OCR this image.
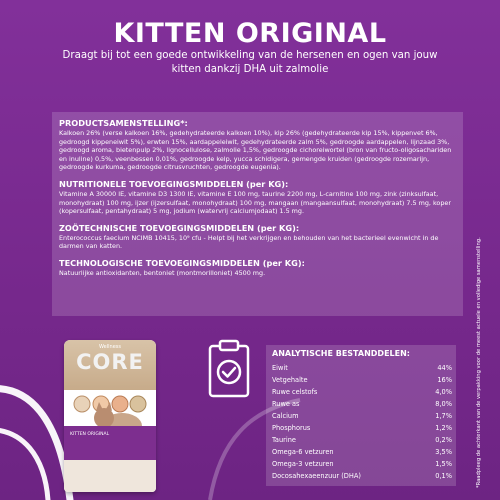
KITTEN ORIGINAL
Draagt bij tot een goede ontwikkeling van de hersenen en ogen van jouw kitten dankzij DHA uit zalmolie
PRODUCTSAMENSTELLING*:
Kalkoen 26% (verse kalkoen 16%, gedehydrateerde kalkoen 10%), kip 26% (gedehydrateerde kip 15%, kippenvet 6%, gedroogd kippeneiwit 5%), erwten 15%, aardappeleiwit, gedehydrateerde zalm 5%, gedroogde aardappelen, lijnzaad 3%, gedroogd aroma, bietenpulp 2%, lignocellulose, zalmolie 1,5%, gedroogde cichoreiwortel (bron van fructo-oligosachariden en inuline) 0,5%, veenbessen 0,01%, gedroogde kelp, yucca schidigera, gemengde kruiden (gedroogde rozemarijn, gedroogde kurkuma, gedroogde citrusvruchten, gedroogde eugenia).
NUTRITIONELE TOEVOEGINGSMIDDELEN (per KG):
Vitamine A 30000 IE, vitamine D3 1300 IE, vitamine E 100 mg, taurine 2200 mg, L-carnitine 100 mg, zink (zinksulfaat, monohydraat) 100 mg, ijzer (ijzersulfaat, monohydraat) 100 mg, mangaan (mangaansulfaat, monohydraat) 7.5 mg, koper (kopersulfaat, pentahydraat) 5 mg, jodium (watervrij calciumjodaat) 1.5 mg.
ZOÖTECHNISCHE TOEVOEGINGSMIDDELEN (per KG):
Enterococcus faecium NCIMB 10415, 10⁹ cfu - Helpt bij het verkrijgen en behouden van het bacterieel evenwicht in de darmen van katten.
TECHNOLOGISCHE TOEVOEGINGSMIDDELEN (per KG):
Natuurlijke antioxidanten, bentoniet (montmorilloniet) 4500 mg.	*Raadpleeg de achterkant van de verpakking voor de meest actuele en volledige samenstelling.
Wellness
CORE
KITTEN ORIGINAL
ANALYTISCHE BESTANDDELEN:
Eiwit	44%
Vetgehalte	16%
Ruwe celstofs	4,0%
Ruwe as	8,0%
Calcium	1,7%
Phosphorus	1,2%
Taurine	0,2%
Omega-6 vetzuren	3,5%
Omega-3 vetzuren	1,5%
Docosahexaeenzuur (DHA)	0,1%
